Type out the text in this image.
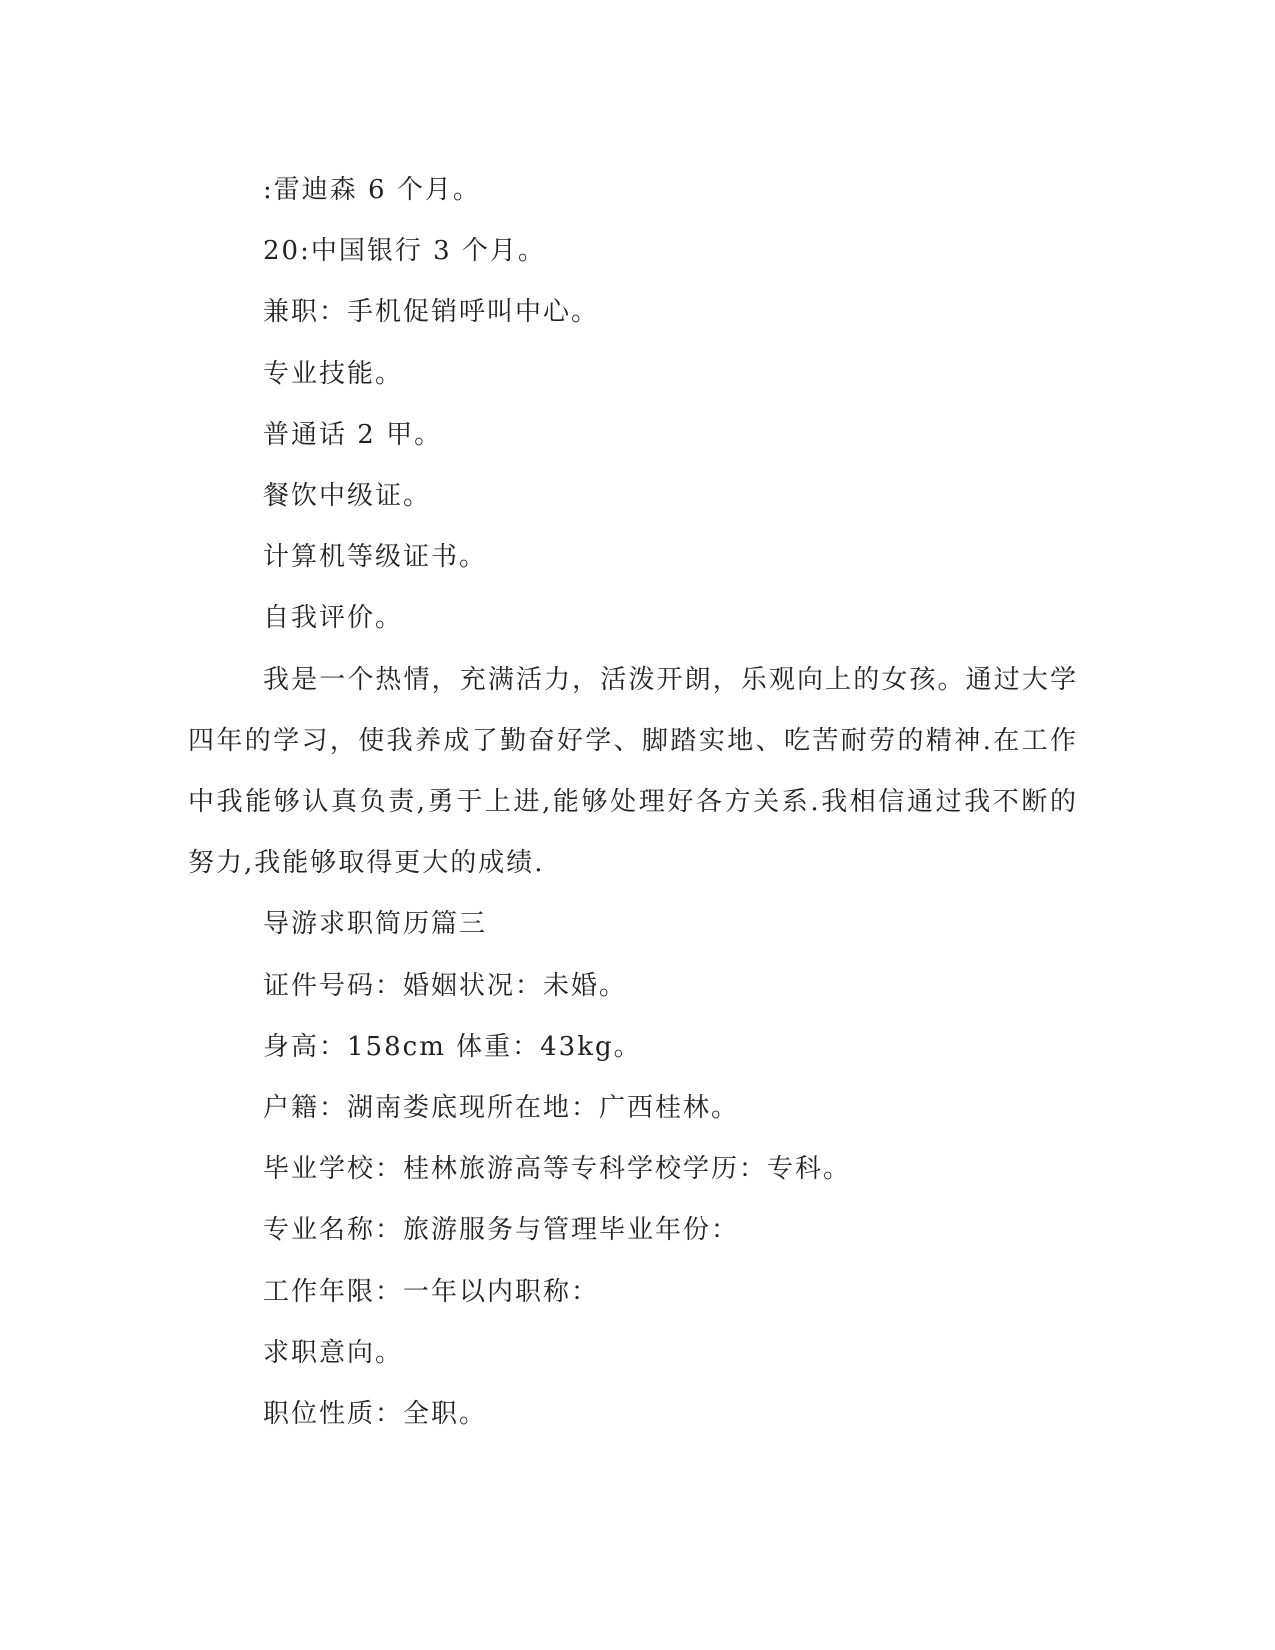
:雷迪森 6 个月。

20:中国银行 3 个月。

兼职：手机促销呼叫中心。

专业技能。

普通话 2 甲。

餐饮中级证。

计算机等级证书。

自我评价。

我是一个热情，充满活力，活泼开朗，乐观向上的女孩。通过大学四年的学习，使我养成了勤奋好学、脚踏实地、吃苦耐劳的精神.在工作中我能够认真负责,勇于上进,能够处理好各方关系.我相信通过我不断的努力,我能够取得更大的成绩.

导游求职简历篇三

证件号码：婚姻状况：未婚。

身高：158cm 体重：43kg。

户籍：湖南娄底现所在地：广西桂林。

毕业学校：桂林旅游高等专科学校学历：专科。

专业名称：旅游服务与管理毕业年份：

工作年限：一年以内职称：

求职意向。

职位性质：全职。
